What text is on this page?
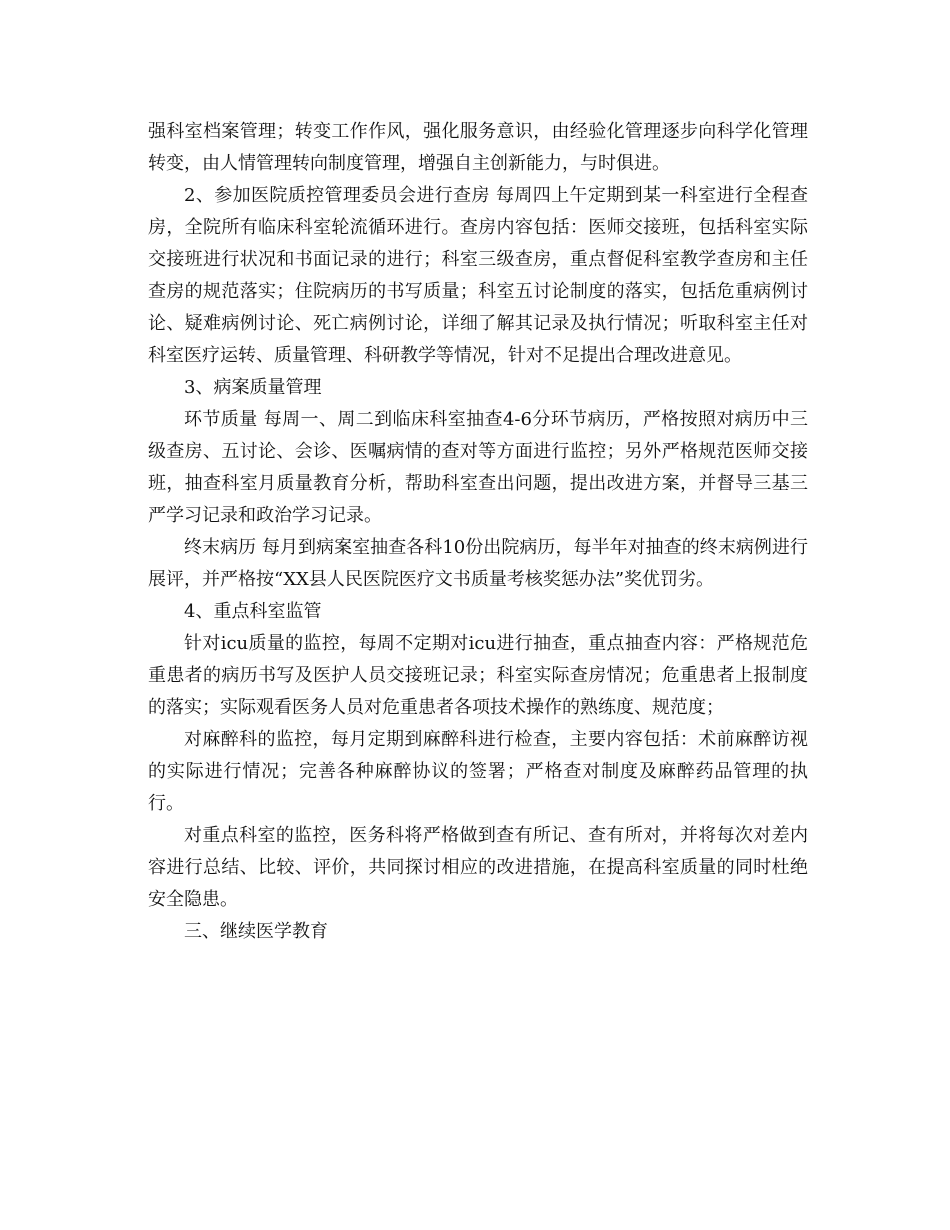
强科室档案管理；转变工作作风，强化服务意识，由经验化管理逐步向科学化管理转变，由人情管理转向制度管理，增强自主创新能力，与时俱进。

2、参加医院质控管理委员会进行查房 每周四上午定期到某一科室进行全程查房，全院所有临床科室轮流循环进行。查房内容包括：医师交接班，包括科室实际交接班进行状况和书面记录的进行；科室三级查房，重点督促科室教学查房和主任查房的规范落实；住院病历的书写质量；科室五讨论制度的落实，包括危重病例讨论、疑难病例讨论、死亡病例讨论，详细了解其记录及执行情况；听取科室主任对科室医疗运转、质量管理、科研教学等情况，针对不足提出合理改进意见。

3、病案质量管理

环节质量 每周一、周二到临床科室抽查4-6分环节病历，严格按照对病历中三级查房、五讨论、会诊、医嘱病情的查对等方面进行监控；另外严格规范医师交接班，抽查科室月质量教育分析，帮助科室查出问题，提出改进方案，并督导三基三严学习记录和政治学习记录。

终末病历 每月到病案室抽查各科10份出院病历，每半年对抽查的终末病例进行展评，并严格按“XX县人民医院医疗文书质量考核奖惩办法”奖优罚劣。

4、重点科室监管

针对icu质量的监控，每周不定期对icu进行抽查，重点抽查内容：严格规范危重患者的病历书写及医护人员交接班记录；科室实际查房情况；危重患者上报制度的落实；实际观看医务人员对危重患者各项技术操作的熟练度、规范度；

对麻醉科的监控，每月定期到麻醉科进行检查，主要内容包括：术前麻醉访视的实际进行情况；完善各种麻醉协议的签署；严格查对制度及麻醉药品管理的执行。

对重点科室的监控，医务科将严格做到查有所记、查有所对，并将每次对差内容进行总结、比较、评价，共同探讨相应的改进措施，在提高科室质量的同时杜绝安全隐患。

三、继续医学教育
